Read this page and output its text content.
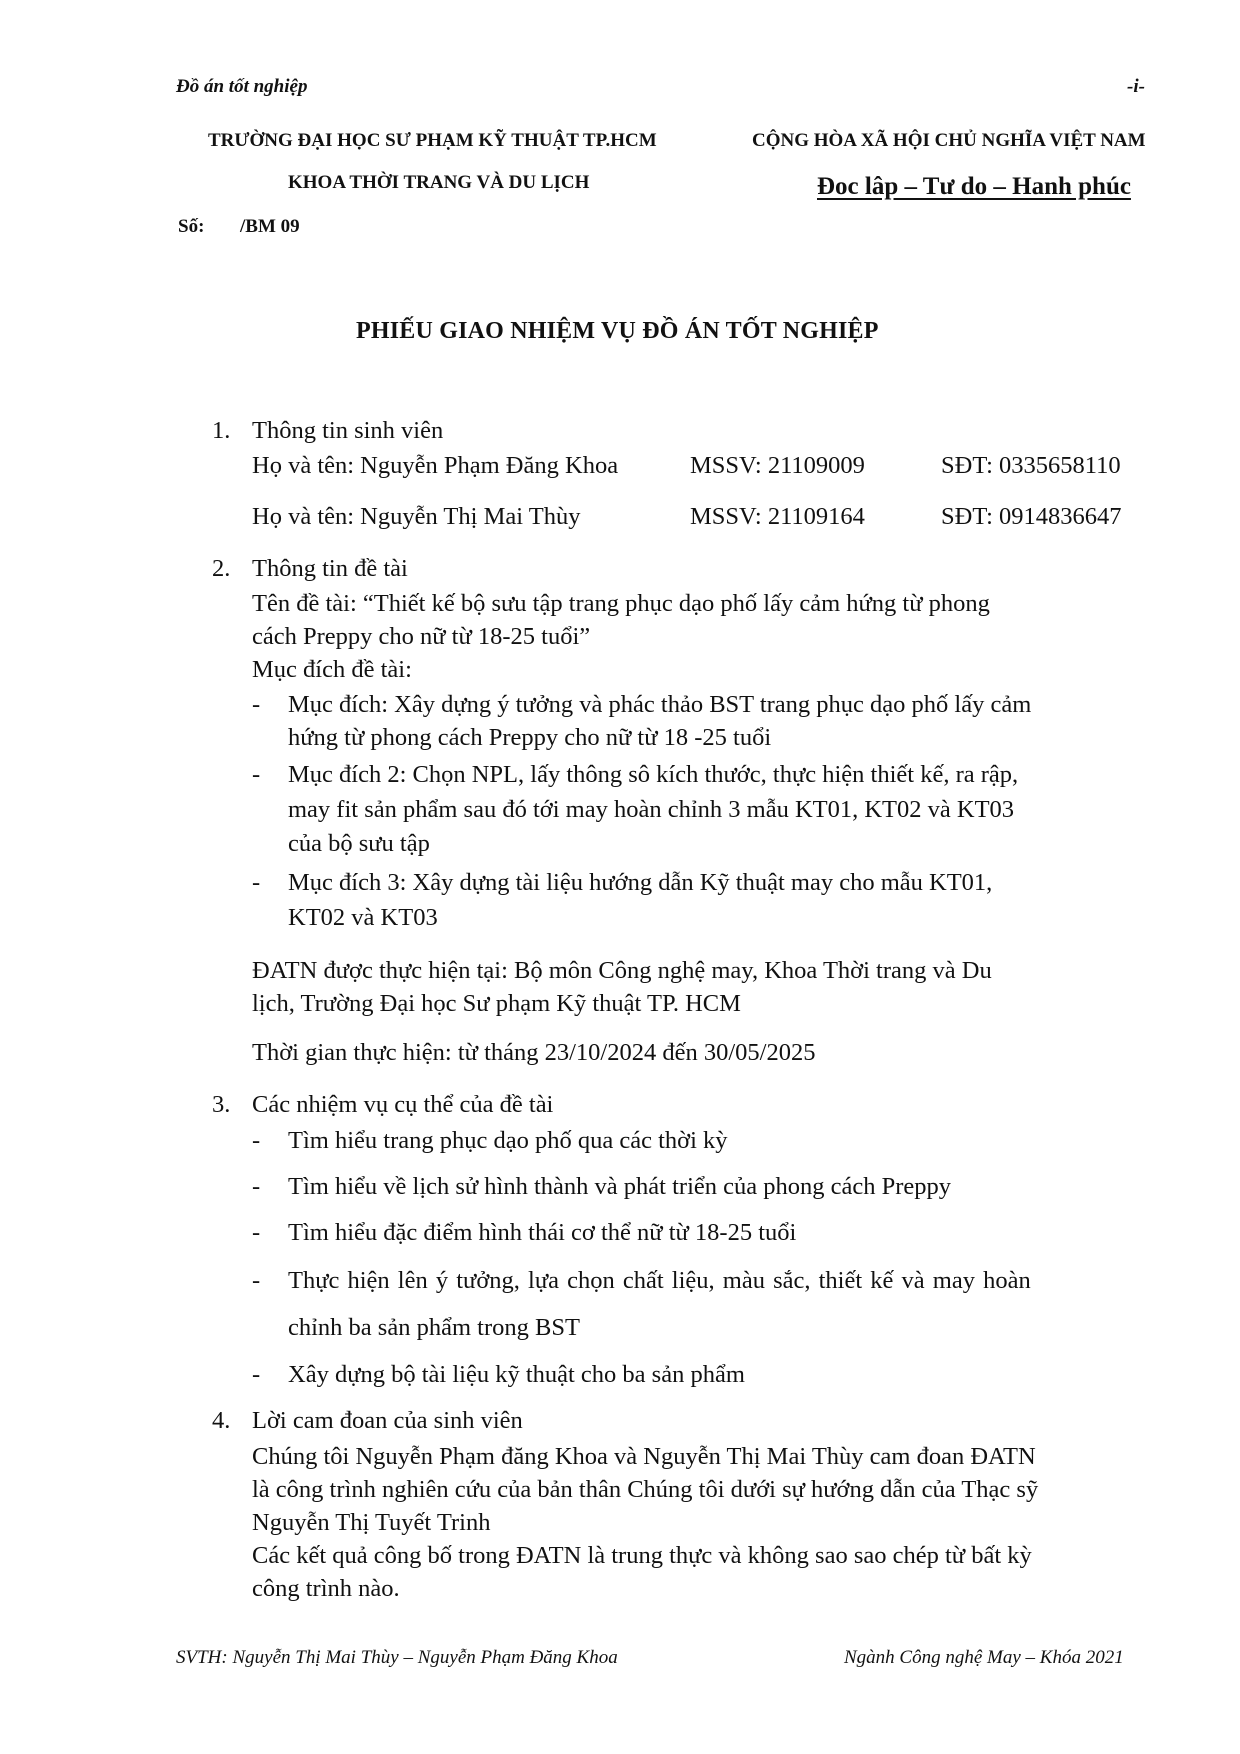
Đồ án tốt nghiệp	-i-
TRƯỜNG ĐẠI HỌC SƯ PHẠM KỸ THUẬT TP.HCM
KHOA THỜI TRANG VÀ DU LỊCH
Số: /BM 09
CỘNG HÒA XÃ HỘI CHỦ NGHĨA VIỆT NAM
Đoc lâp – Tư do – Hanh phúc
PHIẾU GIAO NHIỆM VỤ ĐỒ ÁN TỐT NGHIỆP
1. Thông tin sinh viên
Họ và tên: Nguyễn Phạm Đăng Khoa	MSSV: 21109009	SĐT: 0335658110
Họ và tên: Nguyễn Thị Mai Thùy	MSSV: 21109164	SĐT: 0914836647
2. Thông tin đề tài
Tên đề tài: “Thiết kế bộ sưu tập trang phục dạo phố lấy cảm hứng từ phong
cách Preppy cho nữ từ 18-25 tuổi”
Mục đích đề tài:
- Mục đích: Xây dựng ý tưởng và phác thảo BST trang phục dạo phố lấy cảm
hứng từ phong cách Preppy cho nữ từ 18 -25 tuổi
- Mục đích 2: Chọn NPL, lấy thông sô kích thước, thực hiện thiết kế, ra rập,
may fit sản phẩm sau đó tới may hoàn chỉnh 3 mẫu KT01, KT02 và KT03
của bộ sưu tập
- Mục đích 3: Xây dựng tài liệu hướng dẫn Kỹ thuật may cho mẫu KT01,
KT02 và KT03
ĐATN được thực hiện tại: Bộ môn Công nghệ may, Khoa Thời trang và Du
lịch, Trường Đại học Sư phạm Kỹ thuật TP. HCM
Thời gian thực hiện: từ tháng 23/10/2024 đến 30/05/2025
3. Các nhiệm vụ cụ thể của đề tài
- Tìm hiểu trang phục dạo phố qua các thời kỳ
- Tìm hiểu về lịch sử hình thành và phát triển của phong cách Preppy
- Tìm hiểu đặc điểm hình thái cơ thể nữ từ 18-25 tuổi
- Thực hiện lên ý tưởng, lựa chọn chất liệu, màu sắc, thiết kế và may hoàn
chỉnh ba sản phẩm trong BST
- Xây dựng bộ tài liệu kỹ thuật cho ba sản phẩm
4. Lời cam đoan của sinh viên
Chúng tôi Nguyễn Phạm đăng Khoa và Nguyễn Thị Mai Thùy cam đoan ĐATN
là công trình nghiên cứu của bản thân Chúng tôi dưới sự hướng dẫn của Thạc sỹ
Nguyễn Thị Tuyết Trinh
Các kết quả công bố trong ĐATN là trung thực và không sao sao chép từ bất kỳ
công trình nào.
SVTH: Nguyễn Thị Mai Thùy – Nguyễn Phạm Đăng Khoa	Ngành Công nghệ May – Khóa 2021
